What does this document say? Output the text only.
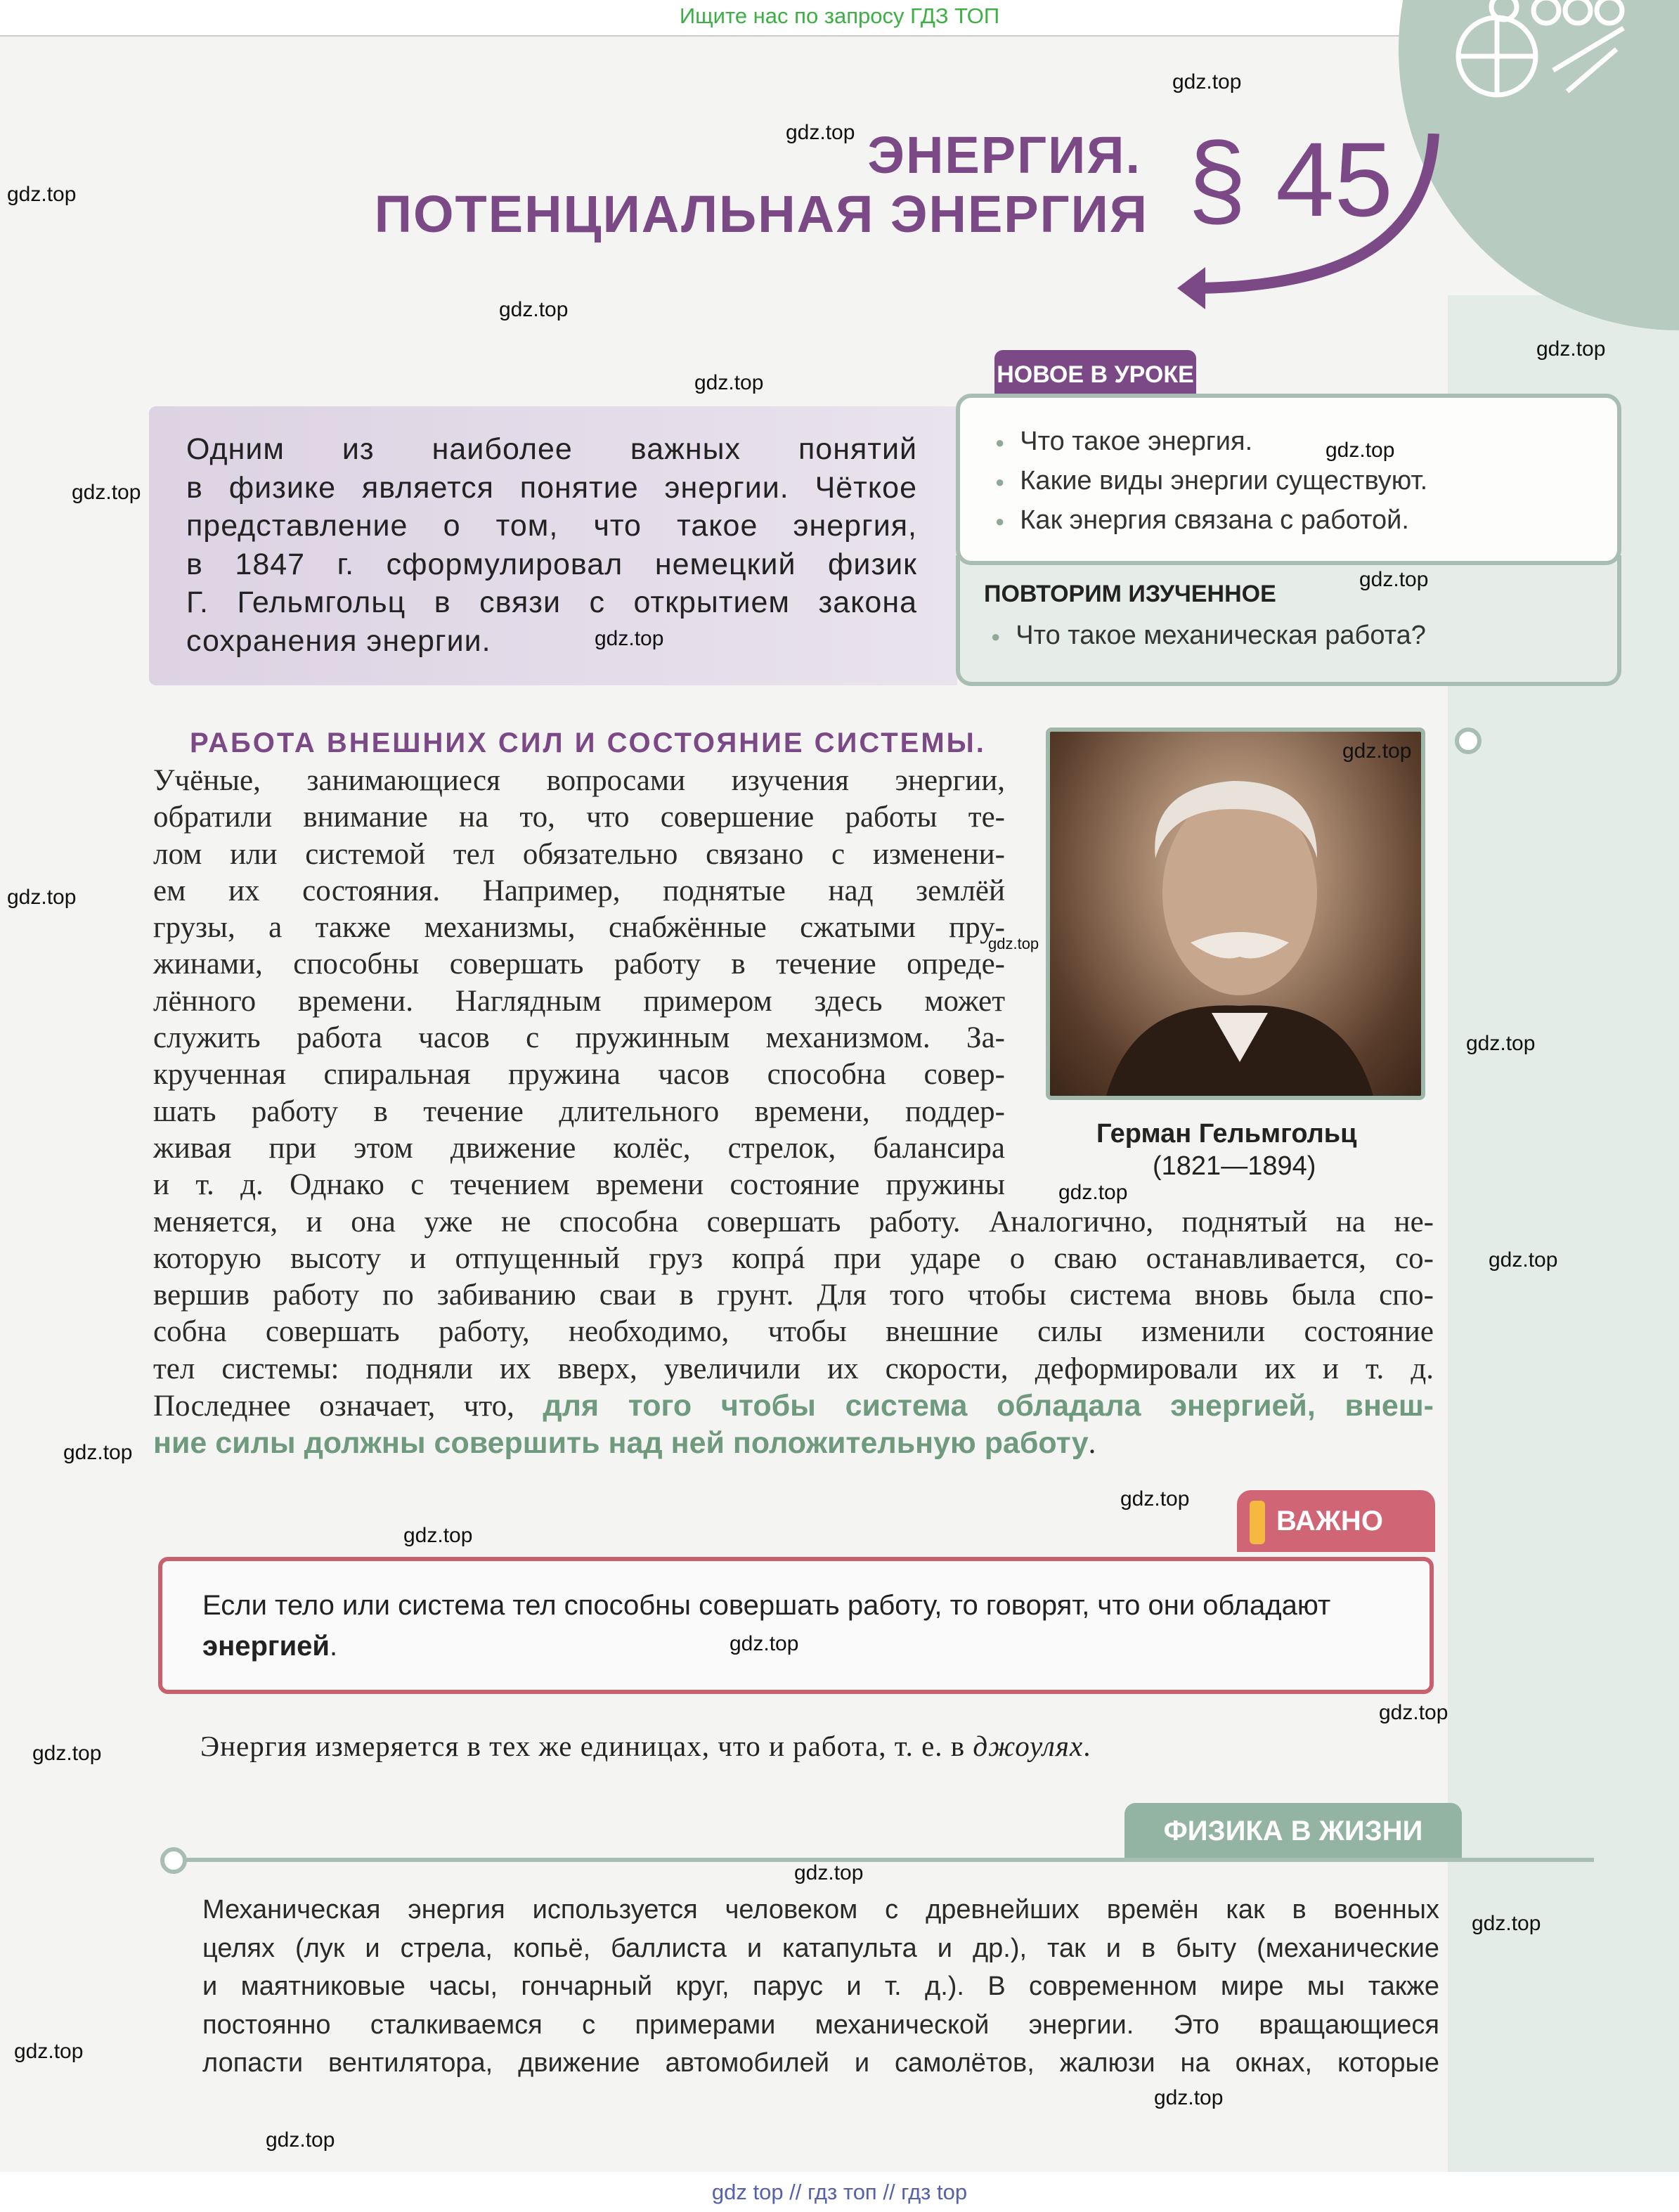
Ищите нас по запросу ГДЗ ТОП
ЭНЕРГИЯ.
ПОТЕНЦИАЛЬНАЯ ЭНЕРГИЯ § 45
Одним из наиболее важных понятий
в физике является понятие энергии. Чёткое
представление о том, что такое энергия,
в 1847 г. сформулировал немецкий физик
Г. Гельмгольц в связи с открытием закона
сохранения энергии.
НОВОЕ В УРОКЕ
● Что такое энергия.
● Какие виды энергии существуют.
● Как энергия связана с работой.
ПОВТОРИМ ИЗУЧЕННОЕ
● Что такое механическая работа?
РАБОТА ВНЕШНИХ СИЛ И СОСТОЯНИЕ СИСТЕМЫ.
Учёные, занимающиеся вопросами изучения энергии,
обратили внимание на то, что совершение работы те-
лом или системой тел обязательно связано с изменени-
ем их состояния. Например, поднятые над землёй
грузы, а также механизмы, снабжённые сжатыми пру-
жинами, способны совершать работу в течение опреде-
лённого времени. Наглядным примером здесь может
служить работа часов с пружинным механизмом. За-
крученная спиральная пружина часов способна совер-
шать работу в течение длительного времени, поддер-
живая при этом движение колёс, стрелок, балансира
и т. д. Однако с течением времени состояние пружины
меняется, и она уже не способна совершать работу. Аналогично, поднятый на не-
которую высоту и отпущенный груз копрá при ударе о сваю останавливается, со-
вершив работу по забиванию сваи в грунт. Для того чтобы система вновь была спо-
собна совершать работу, необходимо, чтобы внешние силы изменили состояние
тел системы: подняли их вверх, увеличили их скорости, деформировали их и т. д.
Последнее означает, что, для того чтобы система обладала энергией, внеш-
ние силы должны совершить над ней положительную работу.
Герман Гельмгольц
(1821—1894)
ВАЖНО
Если тело или система тел способны совершать работу, то говорят, что они обладают энергией.
Энергия измеряется в тех же единицах, что и работа, т. е. в джоулях.
ФИЗИКА В ЖИЗНИ
Механическая энергия используется человеком с древнейших времён как в военных
целях (лук и стрела, копьё, баллиста и катапульта и др.), так и в быту (механические
и маятниковые часы, гончарный круг, парус и т. д.). В современном мире мы также
постоянно сталкиваемся с примерами механической энергии. Это вращающиеся
лопасти вентилятора, движение автомобилей и самолётов, жалюзи на окнах, которые
gdz.top
gdz.top
gdz.top
gdz.top
gdz.top
gdz.top
gdz.top
gdz.top
gdz.top
gdz.top
gdz.top
gdz.top
gdz.top
gdz.top
gdz.top
gdz.top
gdz.top
gdz.top
gdz.top
gdz.top
gdz.top
gdz.top
gdz.top
gdz.top
gdz.top
gdz.top
gdz.top
gdz top // гдз топ // гдз top
